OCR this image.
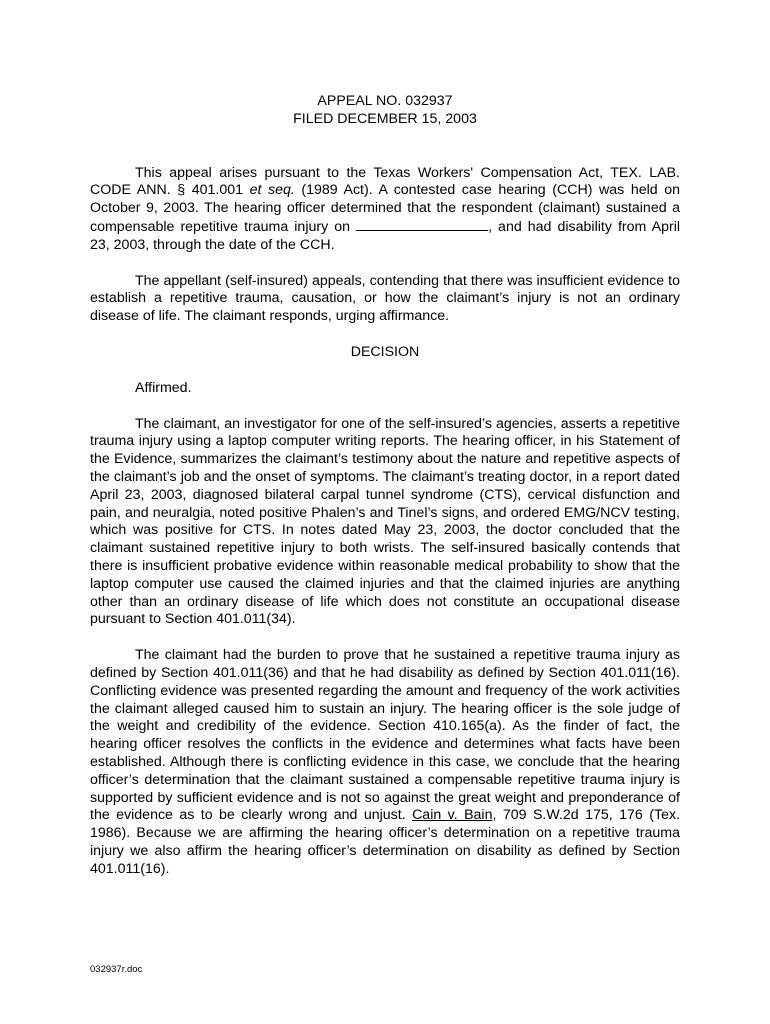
APPEAL NO. 032937
FILED DECEMBER 15, 2003

This appeal arises pursuant to the Texas Workers' Compensation Act, TEX. LAB. CODE ANN. § 401.001 et seq. (1989 Act). A contested case hearing (CCH) was held on October 9, 2003. The hearing officer determined that the respondent (claimant) sustained a compensable repetitive trauma injury on	, and had disability from April 23, 2003, through the date of the CCH.

The appellant (self-insured) appeals, contending that there was insufficient evidence to establish a repetitive trauma, causation, or how the claimant’s injury is not an ordinary disease of life. The claimant responds, urging affirmance.

DECISION

Affirmed.

The claimant, an investigator for one of the self-insured’s agencies, asserts a repetitive trauma injury using a laptop computer writing reports. The hearing officer, in his Statement of the Evidence, summarizes the claimant’s testimony about the nature and repetitive aspects of the claimant’s job and the onset of symptoms. The claimant’s treating doctor, in a report dated April 23, 2003, diagnosed bilateral carpal tunnel syndrome (CTS), cervical disfunction and pain, and neuralgia, noted positive Phalen’s and Tinel’s signs, and ordered EMG/NCV testing, which was positive for CTS. In notes dated May 23, 2003, the doctor concluded that the claimant sustained repetitive injury to both wrists. The self-insured basically contends that there is insufficient probative evidence within reasonable medical probability to show that the laptop computer use caused the claimed injuries and that the claimed injuries are anything other than an ordinary disease of life which does not constitute an occupational disease pursuant to Section 401.011(34).

The claimant had the burden to prove that he sustained a repetitive trauma injury as defined by Section 401.011(36) and that he had disability as defined by Section 401.011(16). Conflicting evidence was presented regarding the amount and frequency of the work activities the claimant alleged caused him to sustain an injury. The hearing officer is the sole judge of the weight and credibility of the evidence. Section 410.165(a). As the finder of fact, the hearing officer resolves the conflicts in the evidence and determines what facts have been established. Although there is conflicting evidence in this case, we conclude that the hearing officer’s determination that the claimant sustained a compensable repetitive trauma injury is supported by sufficient evidence and is not so against the great weight and preponderance of the evidence as to be clearly wrong and unjust. Cain v. Bain, 709 S.W.2d 175, 176 (Tex. 1986). Because we are affirming the hearing officer’s determination on a repetitive trauma injury we also affirm the hearing officer’s determination on disability as defined by Section 401.011(16).

032937r.doc
